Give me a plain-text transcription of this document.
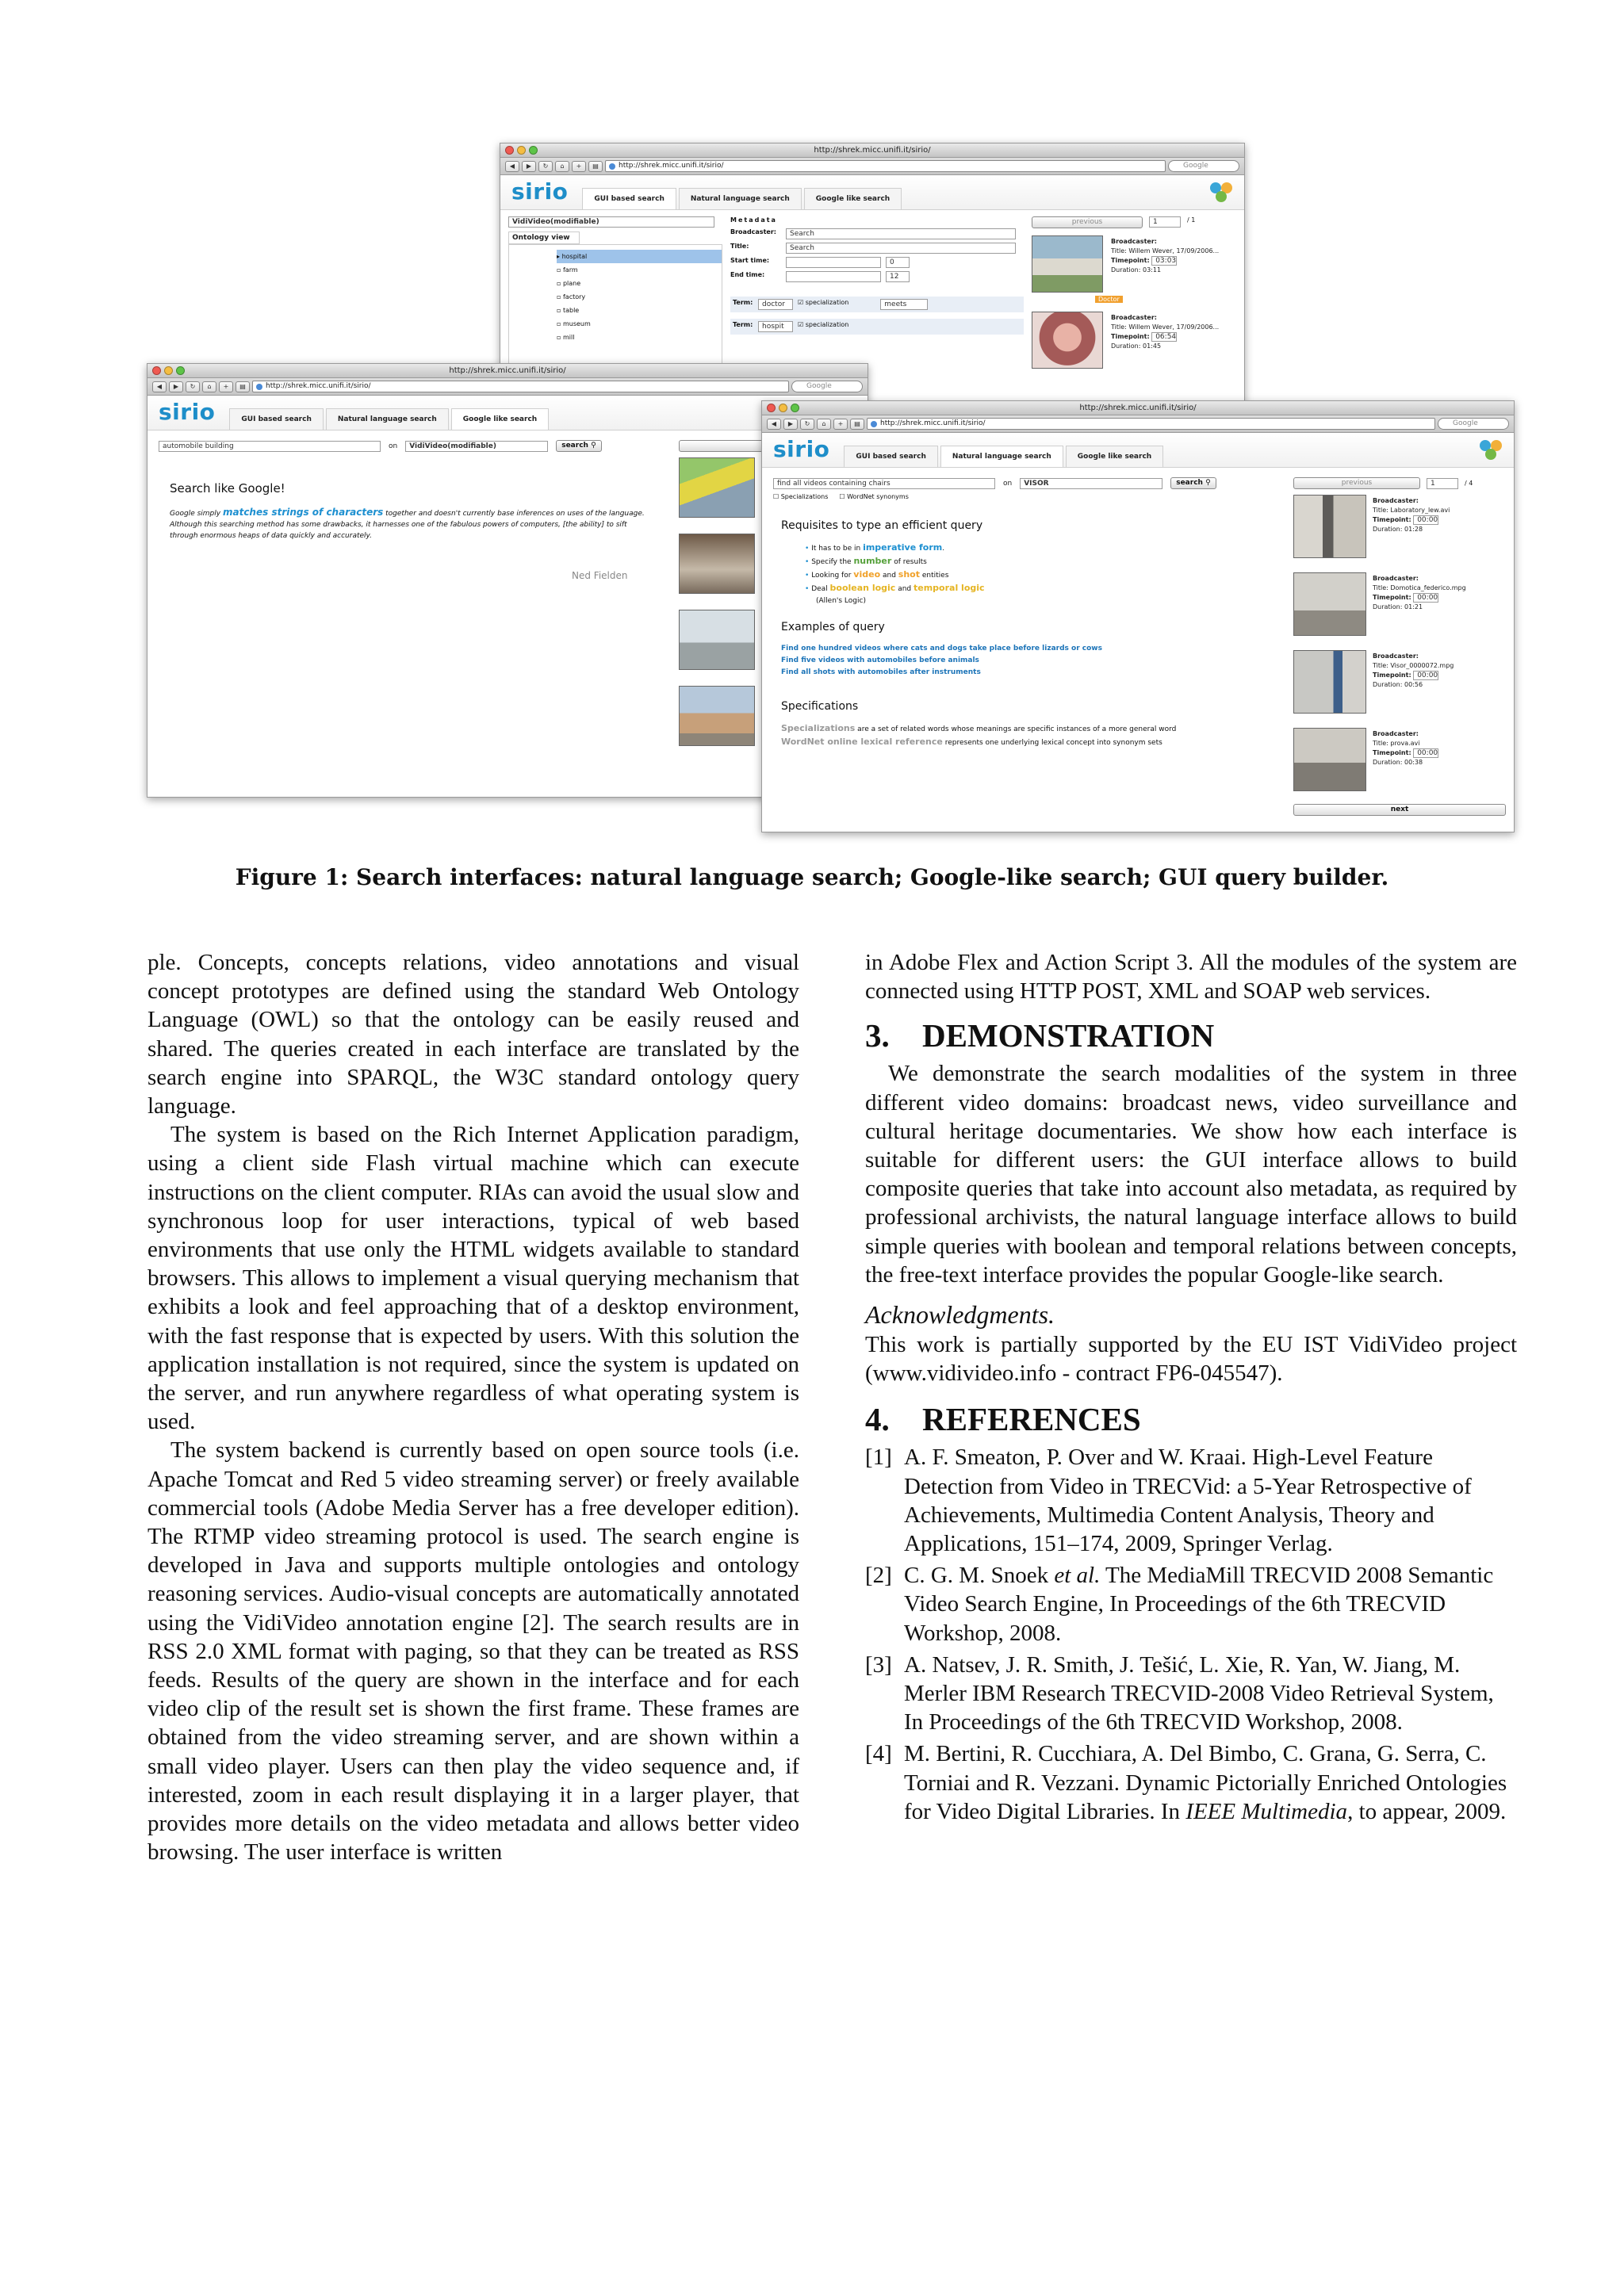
http://shrek.micc.unifi.it/sirio/
◀	▶	↻	⌂	+	▤	http://shrek.micc.unifi.it/sirio/	Google
sirio	GUI based search	Natural language search	Google like search
VidiVideo(modifiable)
Ontology view
▸ hospital
▫ farm
▫ plane
▫ factory
▫ table
▫ museum
▫ mill
Metadata
Broadcaster:	Search
Title:	Search
Start time:	0
End time:	12
Term:	doctor	☑ specialization	meets
Term:	hospit	☑ specialization
previous	1	/ 1
Broadcaster:
Title: Willem Wever, 17/09/2006...
Timepoint: 03:03
Duration: 03:11
Doctor
Broadcaster:
Title: Willem Wever, 17/09/2006...
Timepoint: 06:54
Duration: 01:45
http://shrek.micc.unifi.it/sirio/
◀	▶	↻	⌂	+	▤	http://shrek.micc.unifi.it/sirio/	Google
sirio	GUI based search	Natural language search	Google like search
automobile building	on	VidiVideo(modifiable)	search ⚲
Search like Google!
Google simply matches strings of characters together and doesn't currently base inferences on uses of the language.
Although this searching method has some drawbacks, it harnesses one of the fabulous powers of computers, [the ability] to sift
through enormous heaps of data quickly and accurately.
Ned Fielden
http://shrek.micc.unifi.it/sirio/
◀	▶	↻	⌂	+	▤	http://shrek.micc.unifi.it/sirio/	Google
sirio	GUI based search	Natural language search	Google like search
find all videos containing chairs	on	VISOR	search ⚲
☐ Specializations ☐ WordNet synonyms
Requisites to type an efficient query
• It has to be in imperative form.
• Specify the number of results
• Looking for video and shot entities
• Deal boolean logic and temporal logic
(Allen's Logic)
Examples of query
Find one hundred videos where cats and dogs take place before lizards or cows
Find five videos with automobiles before animals
Find all shots with automobiles after instruments
Specifications
Specializations are a set of related words whose meanings are specific instances of a more general word
WordNet online lexical reference represents one underlying lexical concept into synonym sets
previous	1	/ 4
Broadcaster:
Title: Laboratory_lew.avi
Timepoint: 00:00
Duration: 01:28
Broadcaster:
Title: Domotica_federico.mpg
Timepoint: 00:00
Duration: 01:21
Broadcaster:
Title: Visor_0000072.mpg
Timepoint: 00:00
Duration: 00:56
Broadcaster:
Title: prova.avi
Timepoint: 00:00
Duration: 00:38
next
Figure 1: Search interfaces: natural language search; Google-like search; GUI query builder.

ple. Concepts, concepts relations, video annotations and visual concept prototypes are defined using the standard Web Ontology Language (OWL) so that the ontology can be easily reused and shared. The queries created in each interface are translated by the search engine into SPARQL, the W3C standard ontology query language.

The system is based on the Rich Internet Application paradigm, using a client side Flash virtual machine which can execute instructions on the client computer. RIAs can avoid the usual slow and synchronous loop for user interactions, typical of web based environments that use only the HTML widgets available to standard browsers. This allows to implement a visual querying mechanism that exhibits a look and feel approaching that of a desktop environment, with the fast response that is expected by users. With this solution the application installation is not required, since the system is updated on the server, and run anywhere regardless of what operating system is used.

The system backend is currently based on open source tools (i.e. Apache Tomcat and Red 5 video streaming server) or freely available commercial tools (Adobe Media Server has a free developer edition). The RTMP video streaming protocol is used. The search engine is developed in Java and supports multiple ontologies and ontology reasoning services. Audio-visual concepts are automatically annotated using the VidiVideo annotation engine [2]. The search results are in RSS 2.0 XML format with paging, so that they can be treated as RSS feeds. Results of the query are shown in the interface and for each video clip of the result set is shown the first frame. These frames are obtained from the video streaming server, and are shown within a small video player. Users can then play the video sequence and, if interested, zoom in each result displaying it in a larger player, that provides more details on the video metadata and allows better video browsing. The user interface is written

in Adobe Flex and Action Script 3. All the modules of the system are connected using HTTP POST, XML and SOAP web services.

3. DEMONSTRATION

We demonstrate the search modalities of the system in three different video domains: broadcast news, video surveillance and cultural heritage documentaries. We show how each interface is suitable for different users: the GUI interface allows to build composite queries that take into account also metadata, as required by professional archivists, the natural language interface allows to build simple queries with boolean and temporal relations between concepts, the free-text interface provides the popular Google-like search.

Acknowledgments.

This work is partially supported by the EU IST VidiVideo project (www.vidivideo.info - contract FP6-045547).

4. REFERENCES
[1] A. F. Smeaton, P. Over and W. Kraai. High-Level Feature Detection from Video in TRECVid: a 5-Year Retrospective of Achievements, Multimedia Content Analysis, Theory and Applications, 151–174, 2009, Springer Verlag.
[2] C. G. M. Snoek et al. The MediaMill TRECVID 2008 Semantic Video Search Engine, In Proceedings of the 6th TRECVID Workshop, 2008.
[3] A. Natsev, J. R. Smith, J. Tešić, L. Xie, R. Yan, W. Jiang, M. Merler IBM Research TRECVID-2008 Video Retrieval System, In Proceedings of the 6th TRECVID Workshop, 2008.
[4] M. Bertini, R. Cucchiara, A. Del Bimbo, C. Grana, G. Serra, C. Torniai and R. Vezzani. Dynamic Pictorially Enriched Ontologies for Video Digital Libraries. In IEEE Multimedia, to appear, 2009.
